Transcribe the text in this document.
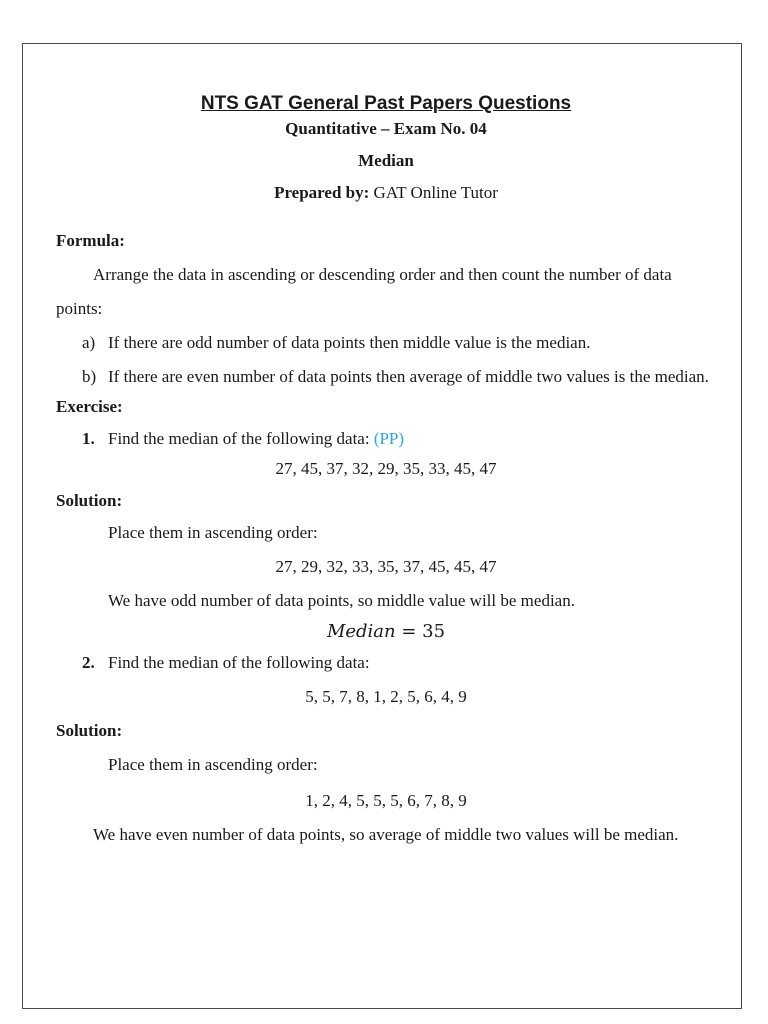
NTS GAT General Past Papers Questions
Quantitative – Exam No. 04
Median
Prepared by: GAT Online Tutor
Formula:
Arrange the data in ascending or descending order and then count the number of data points:
a) If there are odd number of data points then middle value is the median.
b) If there are even number of data points then average of middle two values is the median.
Exercise:
1. Find the median of the following data: (PP)
27, 45, 37, 32, 29, 35, 33, 45, 47
Solution:
Place them in ascending order:
27, 29, 32, 33, 35, 37, 45, 45, 47
We have odd number of data points, so middle value will be median.
Median = 35
2. Find the median of the following data:
5, 5, 7, 8, 1, 2, 5, 6, 4, 9
Solution:
Place them in ascending order:
1, 2, 4, 5, 5, 5, 6, 7, 8, 9
We have even number of data points, so average of middle two values will be median.
